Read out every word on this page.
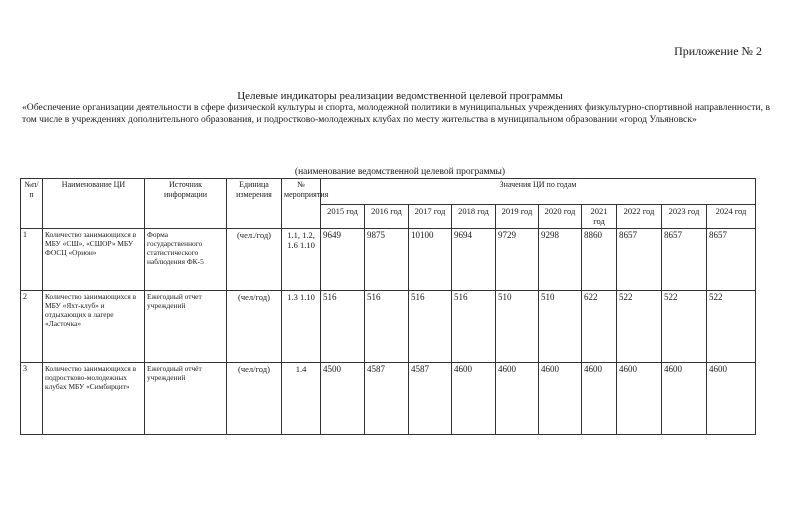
Приложение № 2
Целевые индикаторы реализации ведомственной целевой программы
«Обеспечение организации деятельности в сфере физической культуры и спорта, молодежной политики в муниципальных учреждениях физкультурно-спортивной направленности, в том числе в учреждениях дополнительного образования, и подростково-молодежных клубах по месту жительства в муниципальном образовании «город Ульяновск»
(наименование ведомственной целевой программы)
№п/п	Наименование ЦИ	Источник информации	Единица измерения	№ мероприятия	Значения ЦИ по годам									
					2015 год	2016 год	2017 год	2018 год	2019 год	2020 год	2021 год	2022 год	2023 год	2024 год
1	Количество занимающихся в МБУ «СШ», «СШОР» МБУ ФОСЦ «Орион»	Форма государственного статистического наблюдения ФК-5	(чел./год)	1.1, 1.2, 1.6 1.10	9649	9875	10100	9694	9729	9298	8860	8657	8657	8657
2	Количество занимающихся в МБУ «Яхт-клуб» и отдыхающих в лагере «Ласточка»	Ежегодный отчет учреждений	(чел/год)	1.3 1.10	516	516	516	516	510	510	622	522	522	522
3	Количество занимающихся в подростково-молодежных клубах МБУ «Симбирцит»	Ежегодный отчёт учреждений	(чел/год)	1.4	4500	4587	4587	4600	4600	4600	4600	4600	4600	4600
